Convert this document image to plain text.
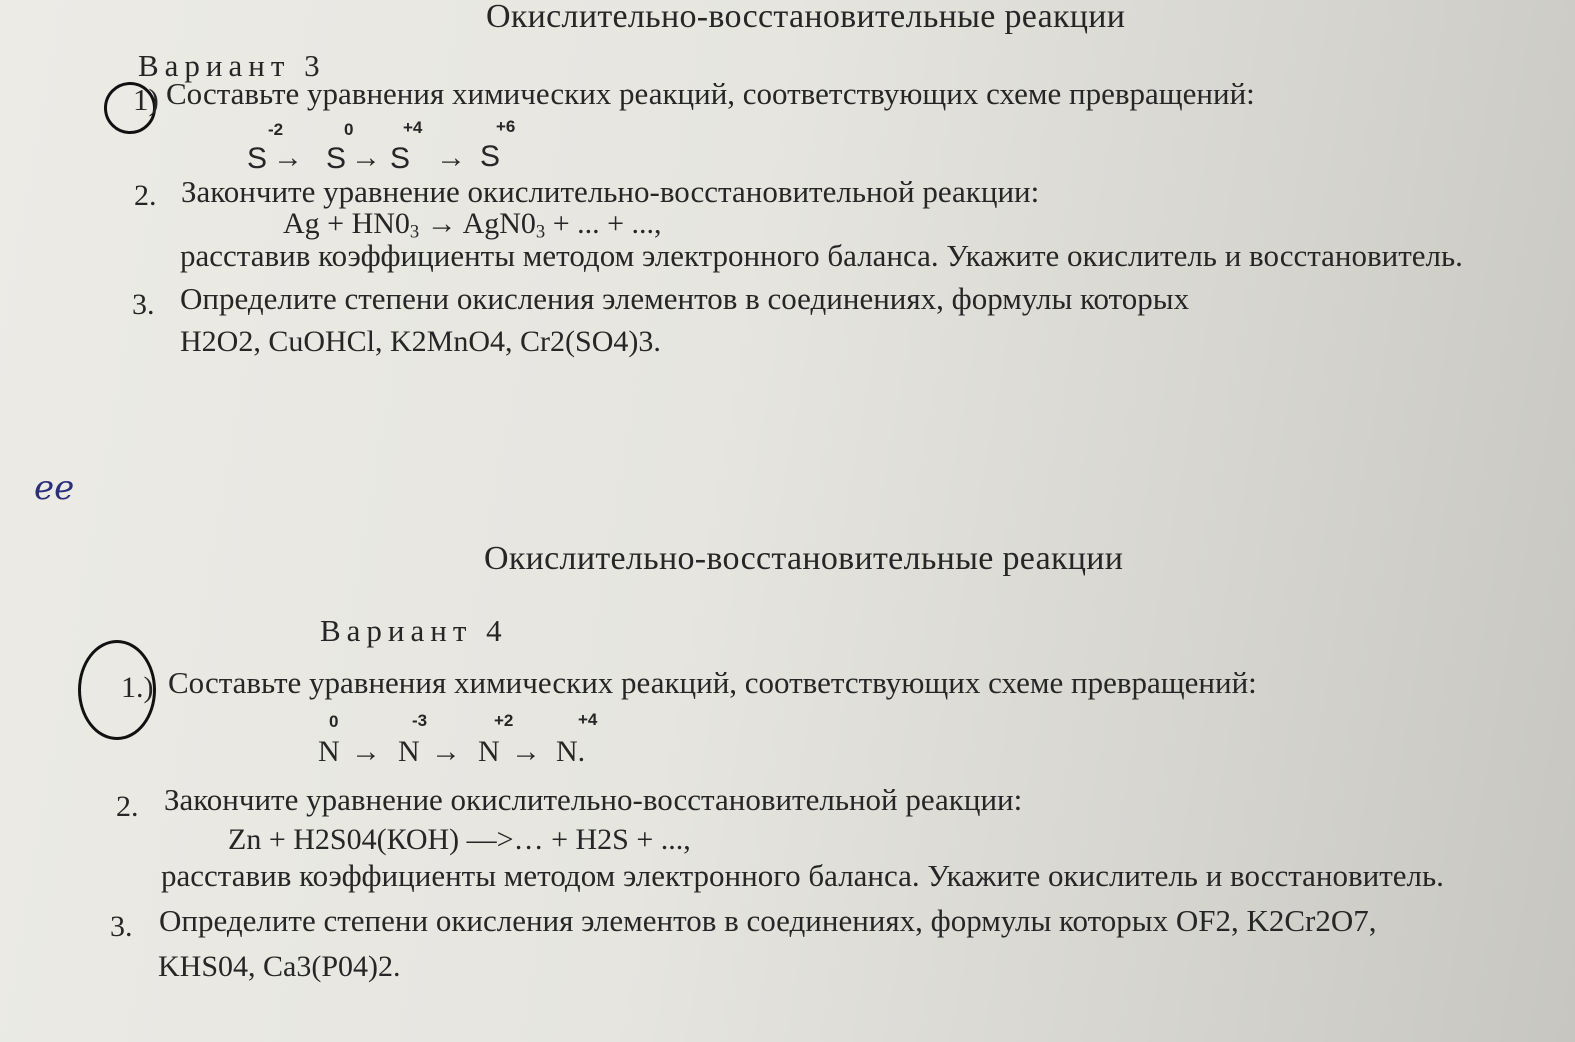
Окислительно-восстановительные реакции
Вариант 3
1) Составьте уравнения химических реакций, соответствующих схеме превращений:
-2	0	+4	+6
S → S → S → S
2. Закончите уравнение окислительно-восстановительной реакции:
$Ag + HN0_3 \to AgN0_3$ + ... + ...,
расставив коэффициенты методом электронного баланса. Укажите окислитель и восстановитель.
3. Определите степени окисления элементов в соединениях, формулы которых
H2O2, CuOHCl, K2MnO4, Cr2(SO4)3.
ee
Окислительно-восстановительные реакции
Вариант 4
1.) Составьте уравнения химических реакций, соответствующих схеме превращений:
0	-3	+2	+4
N → N → N → N.
2. Закончите уравнение окислительно-восстановительной реакции:
Zn + H2S04(КОН) —>… + H2S + ...,
расставив коэффициенты методом электронного баланса. Укажите окислитель и восстановитель.
3. Определите степени окисления элементов в соединениях, формулы которых OF2, K2Cr2O7,
KHS04, Ca3(P04)2.
